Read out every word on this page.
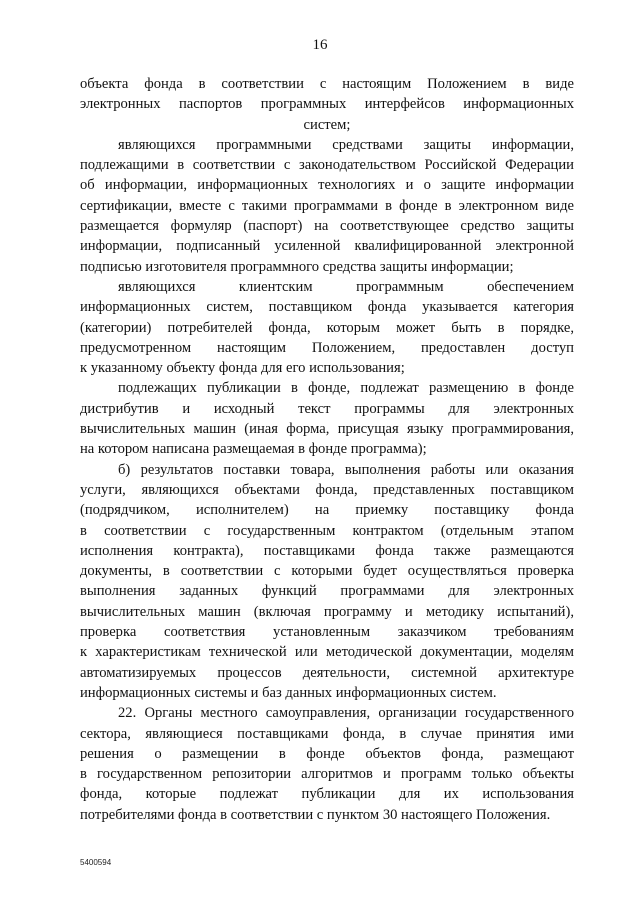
16
объекта фонда в соответствии с настоящим Положением в виде
электронных паспортов программных интерфейсов информационных
систем;
являющихся программными средствами защиты информации,
подлежащими в соответствии с законодательством Российской Федерации
об информации, информационных технологиях и о защите информации
сертификации, вместе с такими программами в фонде в электронном виде
размещается формуляр (паспорт) на соответствующее средство защиты
информации, подписанный усиленной квалифицированной электронной
подписью изготовителя программного средства защиты информации;
являющихся клиентским программным обеспечением
информационных систем, поставщиком фонда указывается категория
(категории) потребителей фонда, которым может быть в порядке,
предусмотренном настоящим Положением, предоставлен доступ
к указанному объекту фонда для его использования;
подлежащих публикации в фонде, подлежат размещению в фонде
дистрибутив и исходный текст программы для электронных
вычислительных машин (иная форма, присущая языку программирования,
на котором написана размещаемая в фонде программа);
б) результатов поставки товара, выполнения работы или оказания
услуги, являющихся объектами фонда, представленных поставщиком
(подрядчиком, исполнителем) на приемку поставщику фонда
в соответствии с государственным контрактом (отдельным этапом
исполнения контракта), поставщиками фонда также размещаются
документы, в соответствии с которыми будет осуществляться проверка
выполнения заданных функций программами для электронных
вычислительных машин (включая программу и методику испытаний),
проверка соответствия установленным заказчиком требованиям
к характеристикам технической или методической документации, моделям
автоматизируемых процессов деятельности, системной архитектуре
информационных системы и баз данных информационных систем.
22. Органы местного самоуправления, организации государственного
сектора, являющиеся поставщиками фонда, в случае принятия ими
решения о размещении в фонде объектов фонда, размещают
в государственном репозитории алгоритмов и программ только объекты
фонда, которые подлежат публикации для их использования
потребителями фонда в соответствии с пунктом 30 настоящего Положения.
5400594
